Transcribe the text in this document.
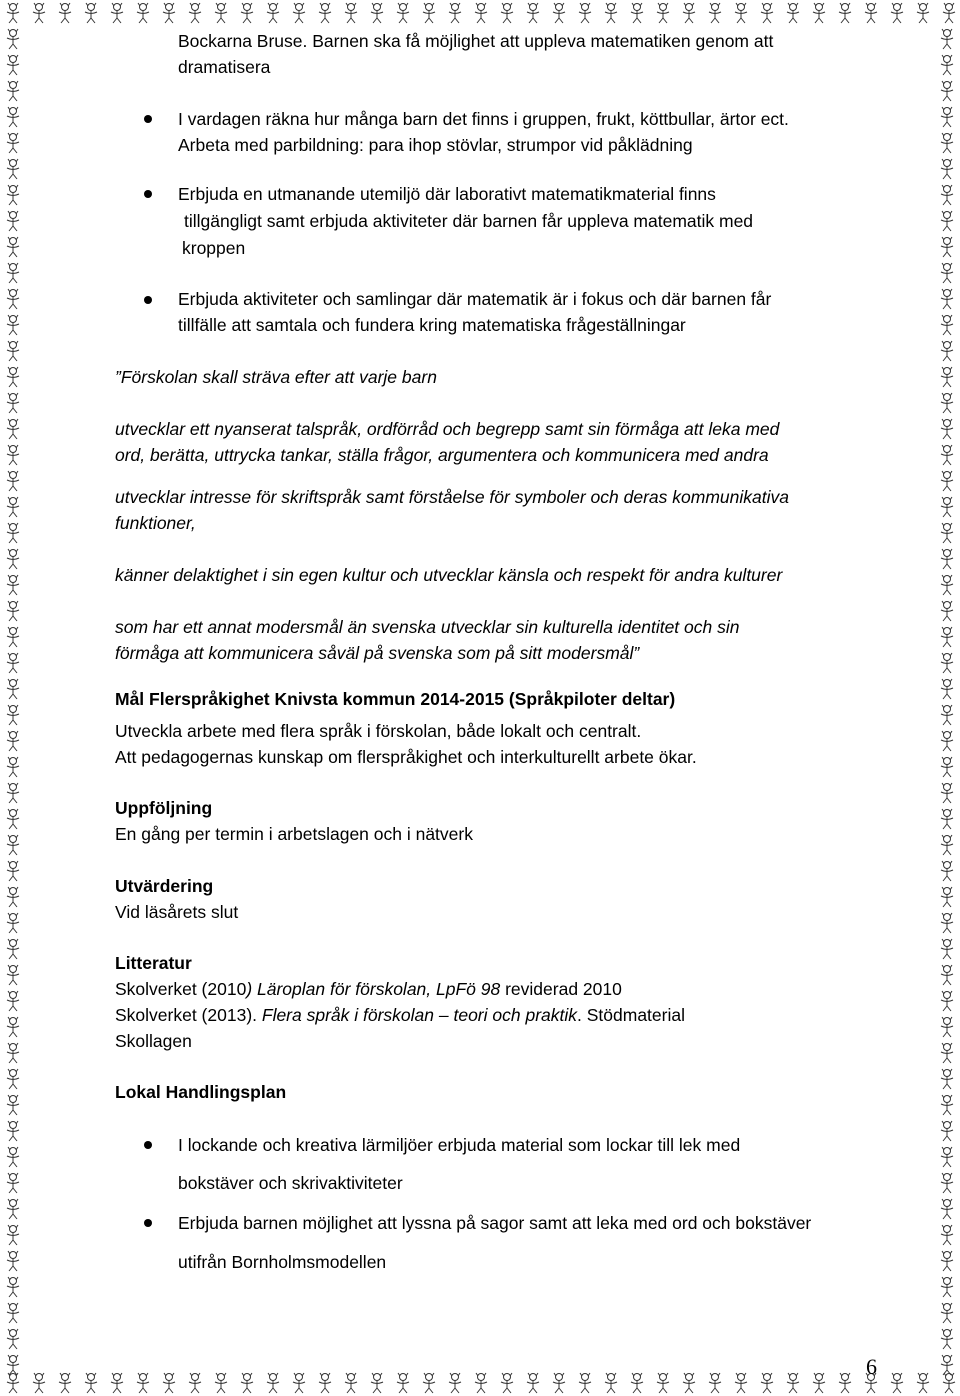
Bockarna Bruse. Barnen ska få möjlighet att uppleva matematiken genom att
dramatisera
I vardagen räkna hur många barn det finns i gruppen, frukt, köttbullar, ärtor ect.
Arbeta med parbildning: para ihop stövlar, strumpor vid påklädning
Erbjuda en utmanande utemiljö där laborativt matematikmaterial finns
tillgängligt samt erbjuda aktiviteter där barnen får uppleva matematik med
kroppen
Erbjuda aktiviteter och samlingar där matematik är i fokus och där barnen får
tillfälle att samtala och fundera kring matematiska frågeställningar
”Förskolan skall sträva efter att varje barn
utvecklar ett nyanserat talspråk, ordförråd och begrepp samt sin förmåga att leka med
ord, berätta, uttrycka tankar, ställa frågor, argumentera och kommunicera med andra
utvecklar intresse för skriftspråk samt förståelse för symboler och deras kommunikativa
funktioner,
känner delaktighet i sin egen kultur och utvecklar känsla och respekt för andra kulturer
som har ett annat modersmål än svenska utvecklar sin kulturella identitet och sin
förmåga att kommunicera såväl på svenska som på sitt modersmål”
Mål Flerspråkighet Knivsta kommun 2014-2015 (Språkpiloter deltar)
Utveckla arbete med flera språk i förskolan, både lokalt och centralt.
Att pedagogernas kunskap om flerspråkighet och interkulturellt arbete ökar.
Uppföljning
En gång per termin i arbetslagen och i nätverk
Utvärdering
Vid läsårets slut
Litteratur
Skolverket (2010) Läroplan för förskolan, LpFö 98 reviderad 2010
Skolverket (2013). Flera språk i förskolan – teori och praktik. Stödmaterial
Skollagen
Lokal Handlingsplan
I lockande och kreativa lärmiljöer erbjuda material som lockar till lek med
bokstäver och skrivaktiviteter
Erbjuda barnen möjlighet att lyssna på sagor samt att leka med ord och bokstäver
utifrån Bornholmsmodellen
6
